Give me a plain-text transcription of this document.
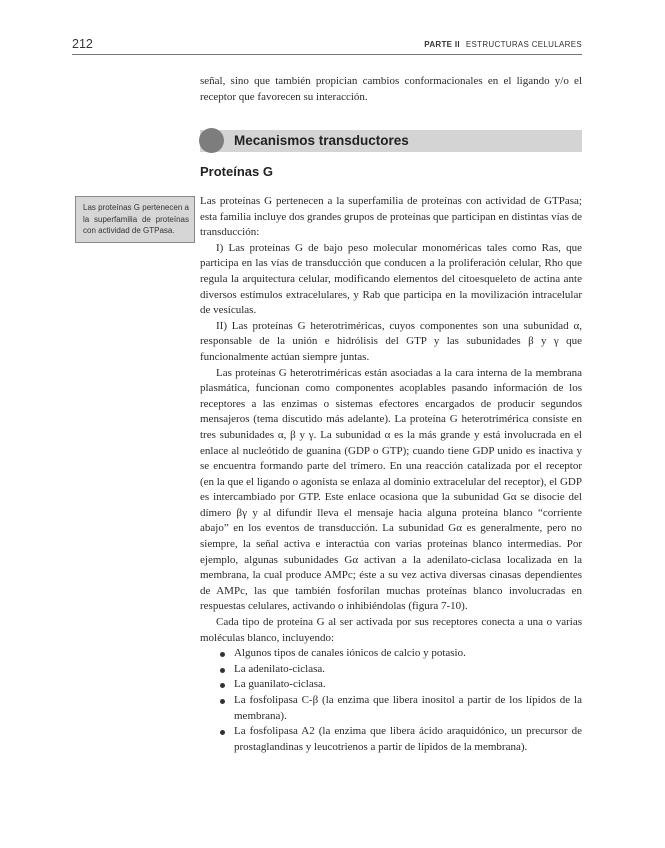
212	PARTE II ESTRUCTURAS CELULARES

señal, sino que también propician cambios conformacionales en el ligando y/o el receptor que favorecen su interacción.

Mecanismos transductores
Proteínas G
Las proteínas G pertenecen a la superfamilia de proteínas con actividad de GTPasa.

Las proteínas G pertenecen a la superfamilia de proteínas con actividad de GTPasa; esta familia incluye dos grandes grupos de proteínas que participan en distintas vías de transducción:

I) Las proteínas G de bajo peso molecular monoméricas tales como Ras, que participa en las vías de transducción que conducen a la proliferación celular, Rho que regula la arquitectura celular, modificando elementos del citoesqueleto de actina ante diversos estímulos extracelulares, y Rab que participa en la movilización intracelular de vesículas.

II) Las proteínas G heterotriméricas, cuyos componentes son una subunidad α, responsable de la unión e hidrólisis del GTP y las subunidades β y γ que funcionalmente actúan siempre juntas.

Las proteínas G heterotriméricas están asociadas a la cara interna de la membrana plasmática, funcionan como componentes acoplables pasando información de los receptores a las enzimas o sistemas efectores encargados de producir segundos mensajeros (tema discutido más adelante). La proteína G heterotrimérica consiste en tres subunidades α, β y γ. La subunidad α es la más grande y está involucrada en el enlace al nucleótido de guanina (GDP o GTP); cuando tiene GDP unido es inactiva y se encuentra formando parte del trímero. En una reacción catalizada por el receptor (en la que el ligando o agonista se enlaza al dominio extracelular del receptor), el GDP es intercambiado por GTP. Este enlace ocasiona que la subunidad Gα se disocie del dímero βγ y al difundir lleva el mensaje hacia alguna proteína blanco “corriente abajo” en los eventos de transducción. La subunidad Gα es generalmente, pero no siempre, la señal activa e interactúa con varias proteínas blanco intermedias. Por ejemplo, algunas subunidades Gα activan a la adenilato-ciclasa localizada en la membrana, la cual produce AMPc; éste a su vez activa diversas cinasas dependientes de AMPc, las que también fosforilan muchas proteínas blanco involucradas en respuestas celulares, activando o inhibiéndolas (figura 7-10).

Cada tipo de proteína G al ser activada por sus receptores conecta a una o varias moléculas blanco, incluyendo:

Algunos tipos de canales iónicos de calcio y potasio.
La adenilato-ciclasa.
La guanilato-ciclasa.
La fosfolipasa C-β (la enzima que libera inositol a partir de los lípidos de la membrana).
La fosfolipasa A2 (la enzima que libera ácido araquidónico, un precursor de prostaglandinas y leucotrienos a partir de lípidos de la membrana).
